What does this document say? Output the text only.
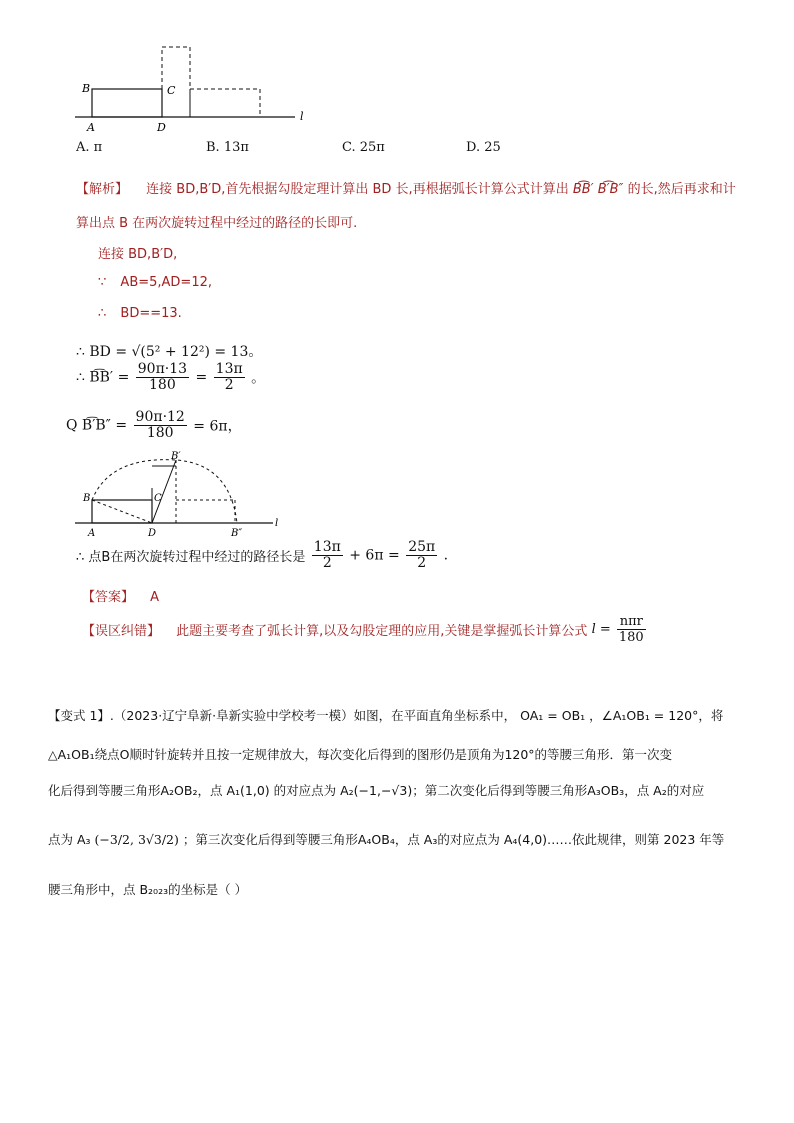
B	C
A	D
l
A. π	B. 13π	C. 25π	D. 25
【解析】 连接 BD,B′D,首先根据勾股定理计算出 BD 长,再根据弧长计算公式计算出 B͡B′ B͡′B″ 的长,然后再求和计
算出点 B 在两次旋转过程中经过的路径的长即可.
连接 BD,B′D,
∵ AB=5,AD=12,
∴ BD==13.
∴ BD = √(5² + 12²) = 13。
∴ B͡B′ = $\frac{90\pi\cdot 13}{180} = \frac{13\pi}{2}$ 。
Q B͡′B″ = $\frac{90\pi\cdot 12}{180} = 6\pi$，
B	C
B′
A	D	B″
l
∴ 点B在两次旋转过程中经过的路径长是 $\frac{13\pi}{2} + 6\pi = \frac{25\pi}{2}$ .
【答案】 A
【误区纠错】 此题主要考查了弧长计算,以及勾股定理的应用,关键是掌握弧长计算公式 $l = \frac{\text{nπr}}{180}$
【变式 1】.（2023·辽宁阜新·阜新实验中学校考一模）如图，在平面直角坐标系中， OA₁ = OB₁ ，∠A₁OB₁ = 120°，将
△A₁OB₁绕点O顺时针旋转并且按一定规律放大，每次变化后得到的图形仍是顶角为120°的等腰三角形．第一次变
化后得到等腰三角形A₂OB₂，点 A₁(1,0) 的对应点为 A₂(−1,−√3)；第二次变化后得到等腰三角形A₃OB₃，点 A₂的对应
点为 A₃ (−3/2, 3√3/2) ；第三次变化后得到等腰三角形A₄OB₄，点 A₃的对应点为 A₄(4,0)……依此规律，则第 2023 年等
腰三角形中，点 B₂₀₂₃的坐标是（ ）
